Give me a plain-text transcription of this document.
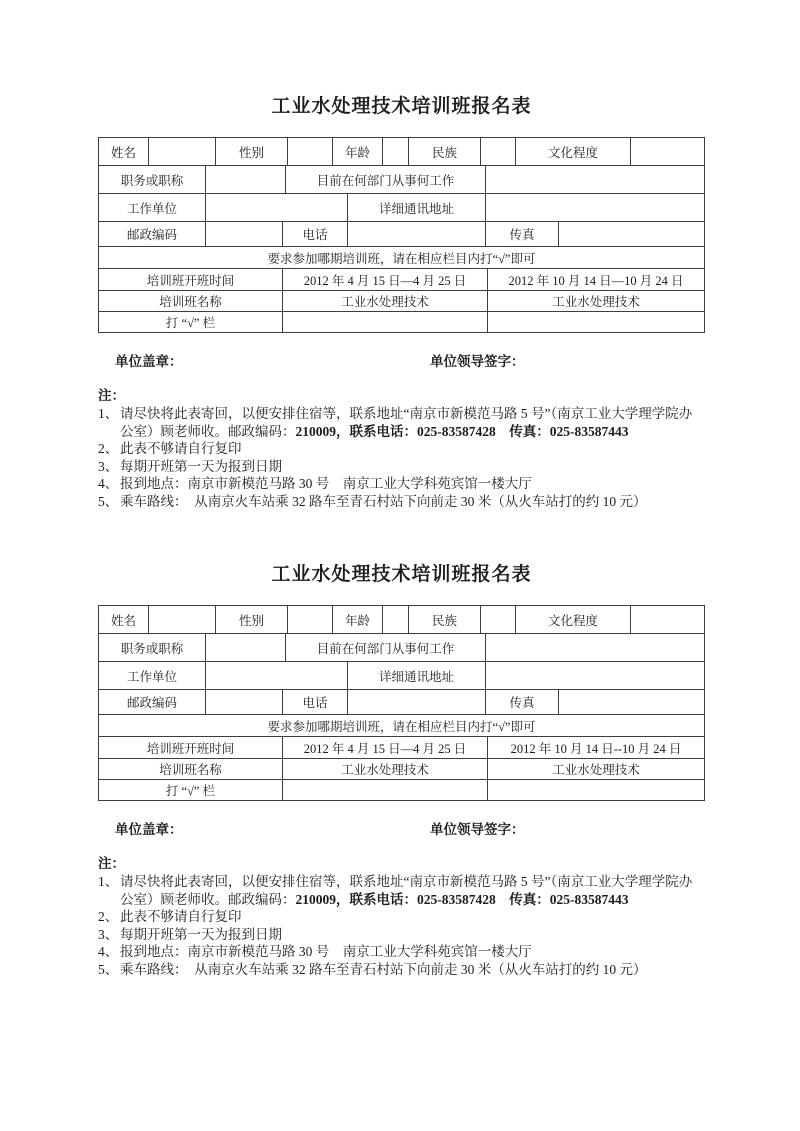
工业水处理技术培训班报名表
姓名	性别	年龄	民族	文化程度
职务或职称	目前在何部门从事何工作
工作单位	详细通讯地址
邮政编码	电话	传真
要求参加哪期培训班，请在相应栏目内打“√”即可
培训班开班时间	2012 年 4 月 15 日—4 月 25 日	2012 年 10 月 14 日—10 月 24 日
培训班名称	工业水处理技术	工业水处理技术
打 “√” 栏
单位盖章：	单位领导签字：
注：
1、 请尽快将此表寄回，以便安排住宿等，联系地址“南京市新模范马路 5 号”（南京工业大学理学院办公室）顾老师收。邮政编码：210009，联系电话：025-83587428　传真：025-83587443
2、 此表不够请自行复印
3、 每期开班第一天为报到日期
4、 报到地点：南京市新模范马路 30 号　南京工业大学科苑宾馆一楼大厅
5、 乘车路线：　从南京火车站乘 32 路车至青石村站下向前走 30 米（从火车站打的约 10 元）
工业水处理技术培训班报名表
姓名	性别	年龄	民族	文化程度
职务或职称	目前在何部门从事何工作
工作单位	详细通讯地址
邮政编码	电话	传真
要求参加哪期培训班，请在相应栏目内打“√”即可
培训班开班时间	2012 年 4 月 15 日—4 月 25 日	2012 年 10 月 14 日--10 月 24 日
培训班名称	工业水处理技术	工业水处理技术
打 “√” 栏
单位盖章：	单位领导签字：
注：
1、 请尽快将此表寄回，以便安排住宿等，联系地址“南京市新模范马路 5 号”（南京工业大学理学院办公室）顾老师收。邮政编码：210009，联系电话：025-83587428　传真：025-83587443
2、 此表不够请自行复印
3、 每期开班第一天为报到日期
4、 报到地点：南京市新模范马路 30 号　南京工业大学科苑宾馆一楼大厅
5、 乘车路线：　从南京火车站乘 32 路车至青石村站下向前走 30 米（从火车站打的约 10 元）
